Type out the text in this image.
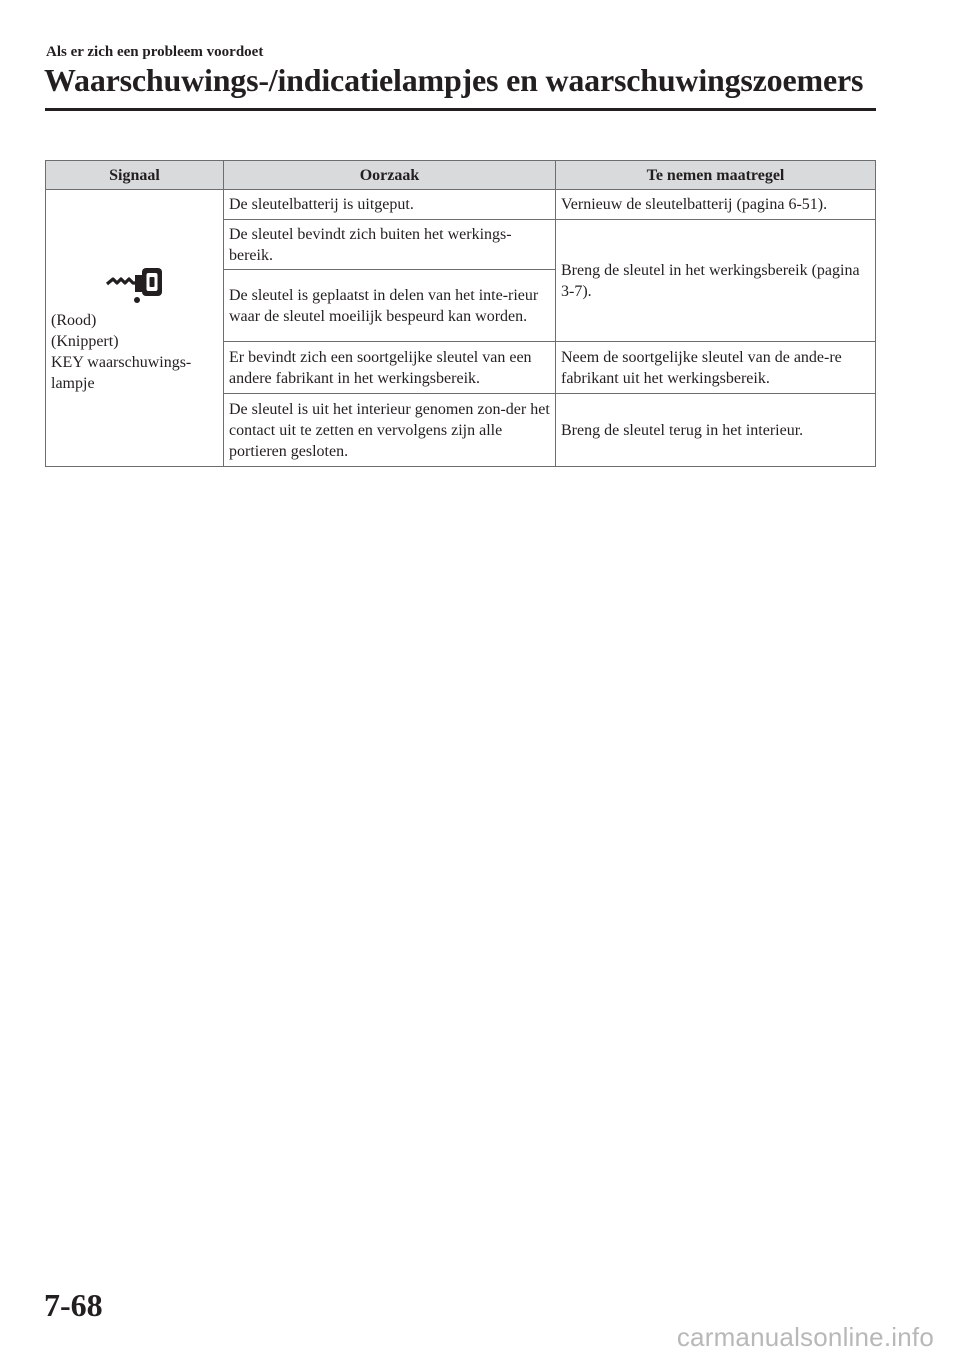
Als er zich een probleem voordoet
Waarschuwings-/indicatielampjes en waarschuwingszoemers
Signaal	Oorzaak	Te nemen maatregel

(Rood)
(Knippert)
KEY waarschuwings-
lampje	De sleutelbatterij is uitgeput.	Vernieuw de sleutelbatterij (pagina 6-51).
	De sleutel bevindt zich buiten het werkings-bereik.	Breng de sleutel in het werkingsbereik (pagina 3-7).
	De sleutel is geplaatst in delen van het inte-rieur waar de sleutel moeilijk bespeurd kan worden.	
	Er bevindt zich een soortgelijke sleutel van een andere fabrikant in het werkingsbereik.	Neem de soortgelijke sleutel van de ande-re fabrikant uit het werkingsbereik.
	De sleutel is uit het interieur genomen zon-der het contact uit te zetten en vervolgens zijn alle portieren gesloten.	Breng de sleutel terug in het interieur.
7-68
carmanualsonline.info
